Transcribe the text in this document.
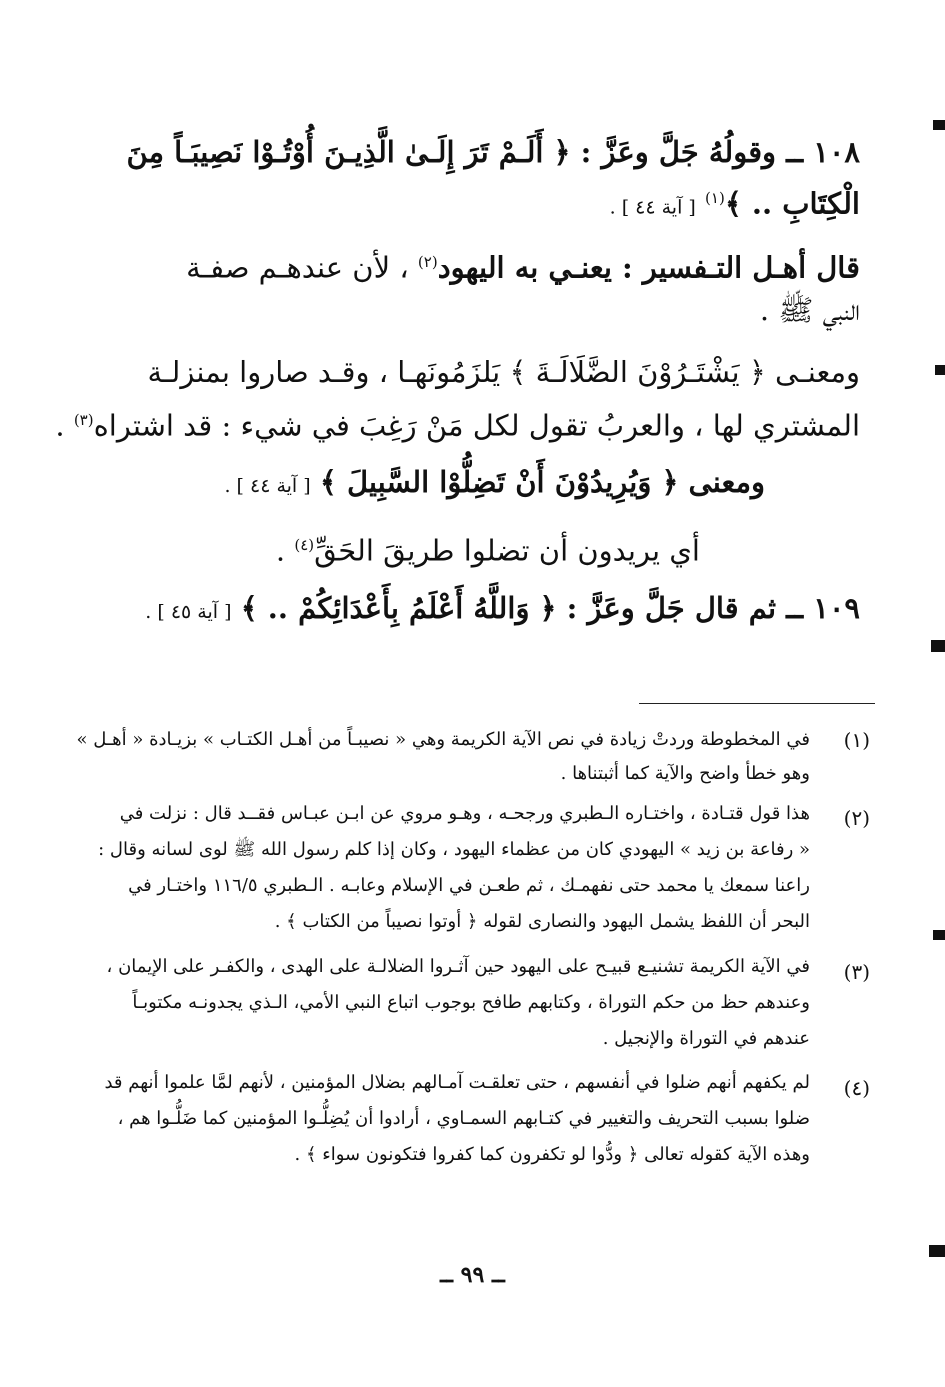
١٠٨ ــ وقولُهُ جَلَّ وعَزَّ : ﴿ أَلَـمْ تَرَ إِلَـىٰ الَّذِيـنَ أُوْتُـوْا نَصِيبَـاً مِنَ
الْكِتَابِ .. ﴾$^{(١)}$ [ آية ٤٤ ] .
قال أهـل التـفسير : يعنـي به اليهود$^{(٢)}$ ، لأن عندهـم صفـة
النبي ﷺ .
ومعنـى ﴿ يَشْتَـرُوْنَ الضَّلَالَـةَ ﴾ يَلزَمُونَهـا ، وقـد صاروا بمنزلـة
المشتري لها ، والعربُ تقول لكل مَنْ رَغِبَ في شيء : قد اشتراه$^{(٣)}$ .
ومعنى ﴿ وَيُرِيدُوْنَ أَنْ تَضِلُّوْا السَّبِيلَ ﴾ [ آية ٤٤ ] .
أي يريدون أن تضلوا طريقَ الحَقِّ$^{(٤)}$ .
١٠٩ ــ ثم قال جَلَّ وعَزَّ : ﴿ وَاللَّهُ أَعْلَمُ بِأَعْدَائِكُمْ .. ﴾ [ آية ٤٥ ] .
(١)
في المخطوطة وردتْ زيادة في نص الآية الكريمة وهي « نصيبـاً من أهـل الكتـاب » بزيـادة « أهـل »
وهو خطأ واضح والآية كما أثبتناها .
(٢)
هذا قول قتـادة ، واختـاره الـطبري ورجحـه ، وهـو مروي عن ابـن عبـاس فقــد قال : نزلت في
« رفاعة بن زيد » اليهودي كان من عظماء اليهود ، وكان إذا كلم رسول الله ﷺ لوى لسانه وقال :
راعنا سمعك يا محمد حتى نفهمـك ، ثم طعـن في الإسلام وعابـه . الـطبري ١١٦/٥ واختـار في
البحر أن اللفظ يشمل اليهود والنصارى لقوله ﴿ أوتوا نصيباً من الكتاب ﴾ .
(٣)
في الآية الكريمة تشنيـع قبيـح على اليهود حين آثـروا الضلالـة على الهدى ، والكفـر على الإيمان ،
وعندهم حظ من حكم التوراة ، وكتابهم طافح بوجوب اتباع النبي الأمي، الـذي يجدونـه مكتوبـاً
عندهم في التوراة والإنجيل .
(٤)
لم يكفهم أنهم ضلوا في أنفسهم ، حتى تعلقـت آمـالهم بضلال المؤمنين ، لأنهم لمَّا علموا أنهم قد
ضلوا بسبب التحريف والتغيير في كتـابهم السمـاوي ، أرادوا أن يُضِلُّـوا المؤمنين كما ضَلُّـوا هم ،
وهذه الآية كقوله تعالى ﴿ ودُّوا لو تكفرون كما كفروا فتكونون سواء ﴾ .
ــ ٩٩ ــ
